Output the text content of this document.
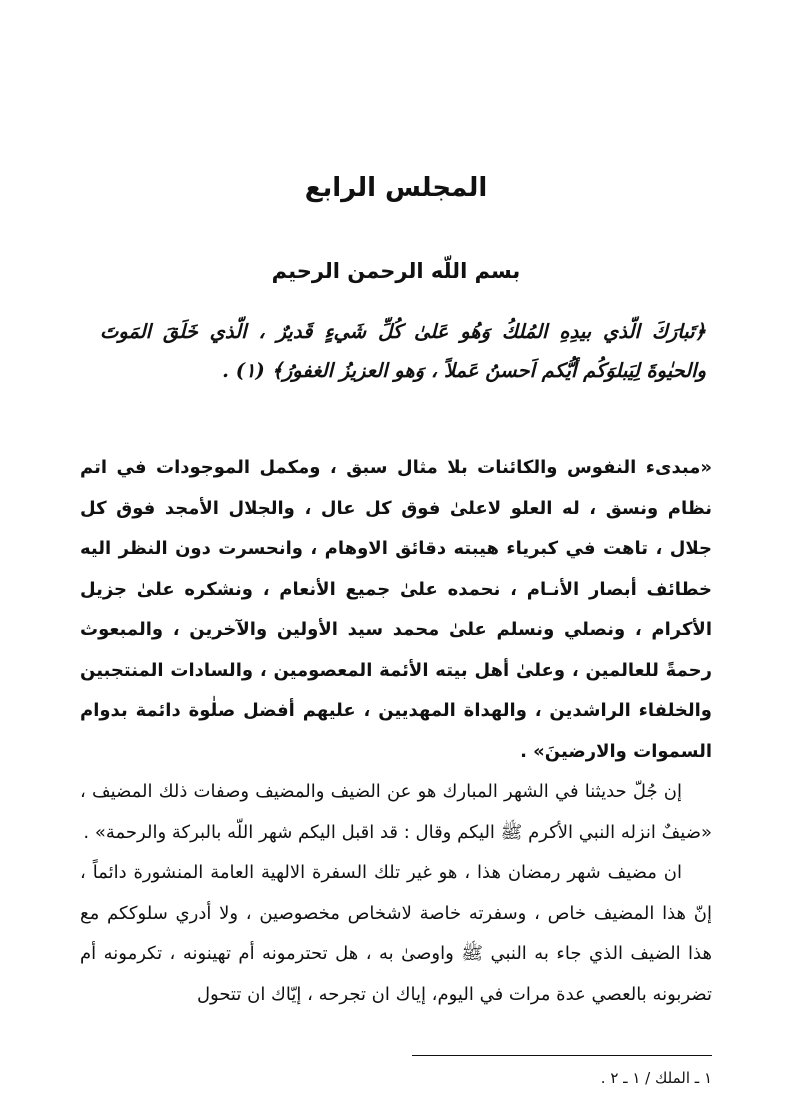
المجلس الرابع
بسم اللّه الرحمن الرحيم
﴿تَبارَكَ الّذي بيدِهِ المُلكُ وَهُو عَلىٰ كُلِّ شَيءٍ قَديرٌ ، الّذي خَلَقَ المَوتَ والحيٰوةَ لِيَبلوَكُم أيُّكم اَحسنُ عَملاً ، وَهو العزيزُ الغفورُ﴾ (١) .

«مبدىء النفوس والكائنات بلا مثال سبق ، ومكمل الموجودات في اتم نظام ونسق ، له العلو لاعلىٰ فوق كل عال ، والجلال الأمجد فوق كل جلال ، تاهت في كبرياء هيبته دقائق الاوهام ، وانحسرت دون النظر اليه خطائف أبصار الأنـام ، نحمده علىٰ جميع الأنعام ، ونشكره علىٰ جزيل الأكرام ، ونصلي ونسلم علىٰ محمد سيد الأولين والآخرين ، والمبعوث رحمةً للعالمين ، وعلىٰ أهل بيته الأئمة المعصومين ، والسادات المنتجبين والخلفاء الراشدين ، والهداة المهديين ، عليهم أفضل صلٰوة دائمة بدوام السموات والارضينَ» .

إن جُلّ حديثنا في الشهر المبارك هو عن الضيف والمضيف وصفات ذلك المضيف ، «ضيفٌ انزله النبي الأكرم ﷺ اليكم وقال : قد اقبل اليكم شهر اللّه بالبركة والرحمة» .

ان مضيف شهر رمضان هذا ، هو غير تلك السفرة الالهية العامة المنشورة دائماً ، إنّ هذا المضيف خاص ، وسفرته خاصة لاشخاص مخصوصين ، ولا أدري سلوككم مع هذا الضيف الذي جاء به النبي ﷺ واوصىٰ به ، هل تحترمونه أم تهينونه ، تكرمونه أم تضربونه بالعصي عدة مرات في اليوم، إياك ان تجرحه ، إيّاك ان تتحول

١ ـ الملك / ١ ـ ٢ .
